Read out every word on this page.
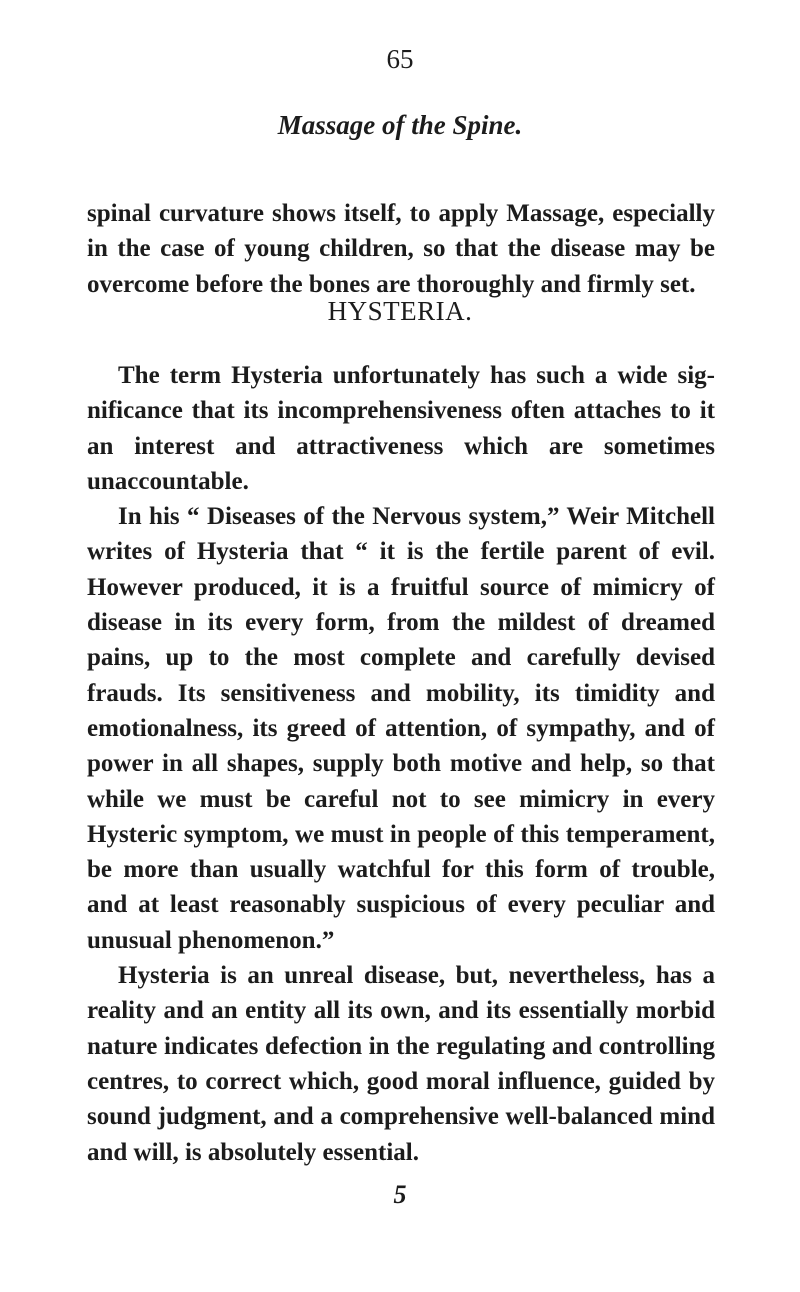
65
Massage of the Spine.

spinal curvature shows itself, to apply Massage, especially in the case of young children, so that the disease may be overcome before the bones are thoroughly and firmly set.

HYSTERIA.

The term Hysteria unfortunately has such a wide significance that its incomprehensiveness often attaches to it an interest and attractiveness which are sometimes unaccountable.

In his “ Diseases of the Nervous system,” Weir Mitchell writes of Hysteria that “ it is the fertile parent of evil. However produced, it is a fruitful source of mimicry of disease in its every form, from the mildest of dreamed pains, up to the most complete and carefully devised frauds. Its sensitiveness and mobility, its timidity and emotionalness, its greed of attention, of sympathy, and of power in all shapes, supply both motive and help, so that while we must be careful not to see mimicry in every Hysteric symptom, we must in people of this temperament, be more than usually watchful for this form of trouble, and at least reasonably suspicious of every peculiar and unusual phenomenon.”

Hysteria is an unreal disease, but, nevertheless, has a reality and an entity all its own, and its essentially morbid nature indicates defection in the regulating and controlling centres, to correct which, good moral influence, guided by sound judgment, and a comprehensive well-balanced mind and will, is absolutely essential.

5
